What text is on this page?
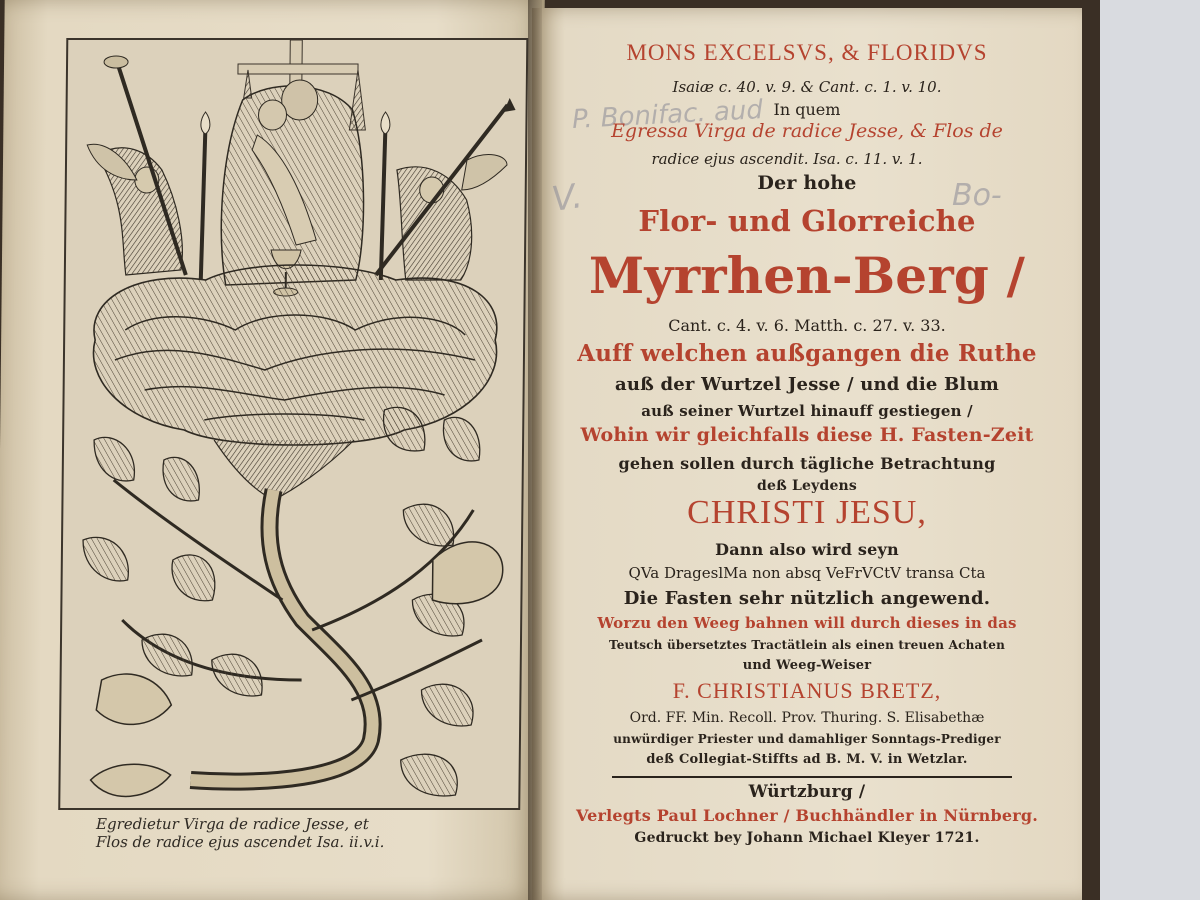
Egredietur Virga de radice Jesse, et
Flos de radice ejus ascendet Isa. ii.v.i.
P. Bonifac. aud
V.	Bo-
MONS EXCELSVS, & FLORIDVS
Isaiæ c. 40. v. 9. & Cant. c. 1. v. 10.
In quem
Egressa Virga de radice Jesse, & Flos de
radice ejus ascendit. Isa. c. 11. v. 1.
Der hohe
Flor- und Glorreiche
Myrrhen-Berg /
Cant. c. 4. v. 6. Matth. c. 27. v. 33.
Auff welchen außgangen die Ruthe
auß der Wurtzel Jesse / und die Blum
auß seiner Wurtzel hinauff gestiegen /
Wohin wir gleichfalls diese H. Fasten-Zeit
gehen sollen durch tägliche Betrachtung
deß Leydens
CHRISTI JESU,
Dann also wird seyn
QVa DrageslMa non absq VeFrVCtV transa Cta
Die Fasten sehr nützlich angewend.
Worzu den Weeg bahnen will durch dieses in das
Teutsch übersetztes Tractätlein als einen treuen Achaten
und Weeg-Weiser
F. CHRISTIANUS BRETZ,
Ord. FF. Min. Recoll. Prov. Thuring. S. Elisabethæ
unwürdiger Priester und damahliger Sonntags-Prediger
deß Collegiat-Stiffts ad B. M. V. in Wetzlar.
Würtzburg /
Verlegts Paul Lochner / Buchhändler in Nürnberg.
Gedruckt bey Johann Michael Kleyer 1721.
